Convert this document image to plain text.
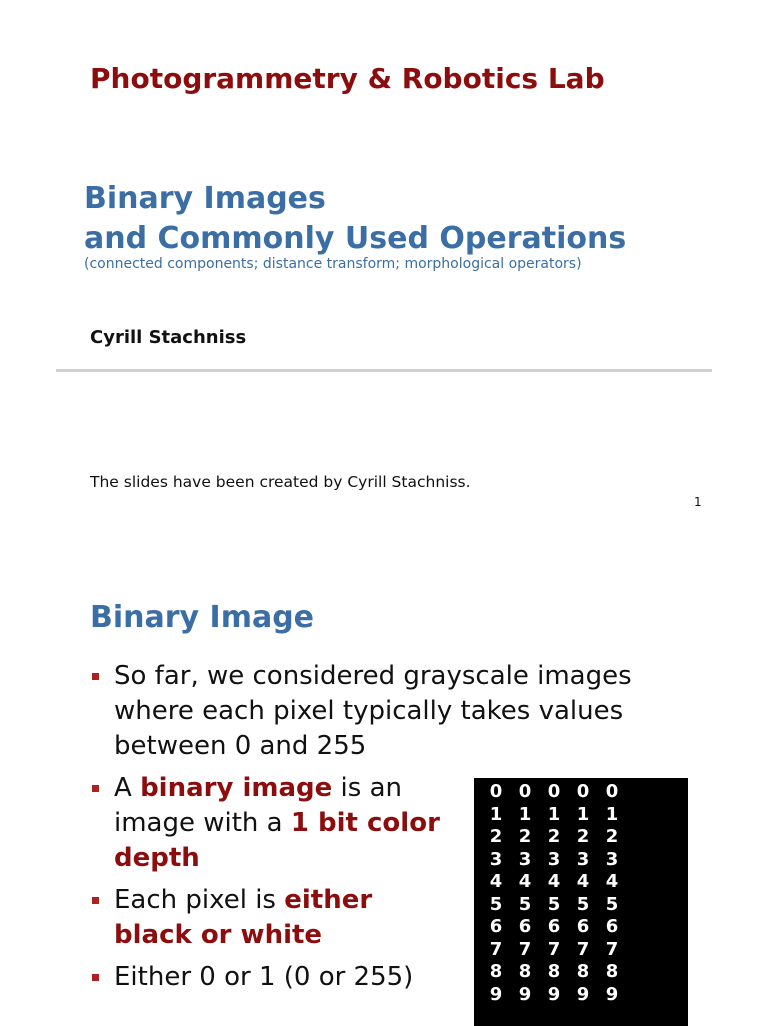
Photogrammetry & Robotics Lab
Binary Images
and Commonly Used Operations
(connected components; distance transform; morphological operators)
Cyrill Stachniss
The slides have been created by Cyrill Stachniss.
1
Binary Image
So far, we considered grayscale images where each pixel typically takes values between 0 and 255
A binary image is an image with a 1 bit color depth
Each pixel is either black or white
Either 0 or 1 (0 or 255)
0	0	0	0	0
1	1	1	1	1
2	2	2	2	2
3	3	3	3	3
4	4	4	4	4
5	5	5	5	5
6	6	6	6	6
7	7	7	7	7
8	8	8	8	8
9	9	9	9	9
